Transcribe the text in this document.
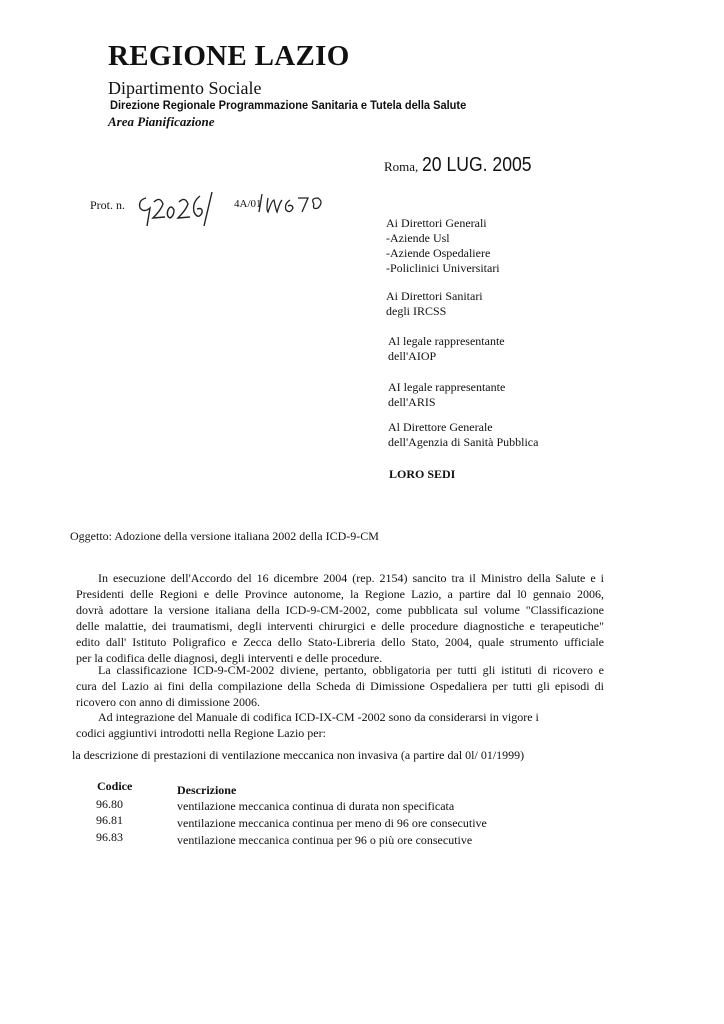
REGIONE LAZIO
Dipartimento Sociale
Direzione Regionale Programmazione Sanitaria e Tutela della Salute
Area Pianificazione
Roma, 20 LUG. 2005
Prot. n.	4A/01
Ai Direttori Generali
-Aziende Usl
-Aziende Ospedaliere
-Policlinici Universitari
Ai Direttori Sanitari
degli IRCSS
Al legale rappresentante
dell'AIOP
AI legale rappresentante
dell'ARIS
Al Direttore Generale
dell'Agenzia di Sanità Pubblica
LORO SEDI
Oggetto: Adozione della versione italiana 2002 della ICD-9-CM
In esecuzione dell'Accordo del 16 dicembre 2004 (rep. 2154) sancito tra il Ministro della Salute e i
Presidenti delle Regioni e delle Province autonome, la Regione Lazio, a partire dal l0 gennaio 2006,
dovrà adottare la versione italiana della ICD-9-CM-2002, come pubblicata sul volume "Classificazione
delle malattie, dei traumatismi, degli interventi chirurgici e delle procedure diagnostiche e terapeutiche"
edito dall' Istituto Poligrafico e Zecca dello Stato-Libreria dello Stato, 2004, quale strumento ufficiale
per la codifica delle diagnosi, degli interventi e delle procedure.
La classificazione ICD-9-CM-2002 diviene, pertanto, obbligatoria per tutti gli istituti di ricovero e
cura del Lazio ai fini della compilazione della Scheda di Dimissione Ospedaliera per tutti gli episodi di
ricovero con anno di dimissione 2006.
Ad integrazione del Manuale di codifica ICD-IX-CM -2002 sono da considerarsi in vigore i
codici aggiuntivi introdotti nella Regione Lazio per:
la descrizione di prestazioni di ventilazione meccanica non invasiva (a partire dal 0l/ 01/1999)
Codice	Descrizione
96.80	ventilazione meccanica continua di durata non specificata
96.81	ventilazione meccanica continua per meno di 96 ore consecutive
96.83	ventilazione meccanica continua per 96 o più ore consecutive
